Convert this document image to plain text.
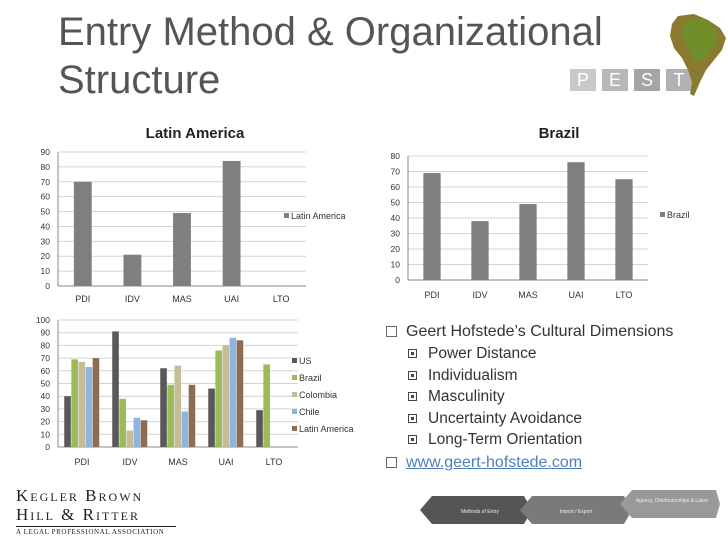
Entry Method & Organizational
Structure	P	E	S	T
Latin America
0
10
20
30
40
50
60
70
80
90
PDI	IDV	MAS	UAI	LTO
Latin America
Brazil
0
10
20
30
40
50
60
70
80
PDI	IDV	MAS	UAI	LTO
Brazil
0
10
20
30
40
50
60
70
80
90
100
PDI	IDV	MAS	UAI	LTO
US
Brazil
Colombia
Chile
Latin America
Geert Hofstede’s Cultural Dimensions
Power Distance
Individualism
Masculinity
Uncertainty Avoidance
Long-Term Orientation
www.geert-hofstede.com
Methods of Entry	Import / Export
Agency, Distributorships & Labor
Kegler Brown
Hill & Ritter
A LEGAL PROFESSIONAL ASSOCIATION
